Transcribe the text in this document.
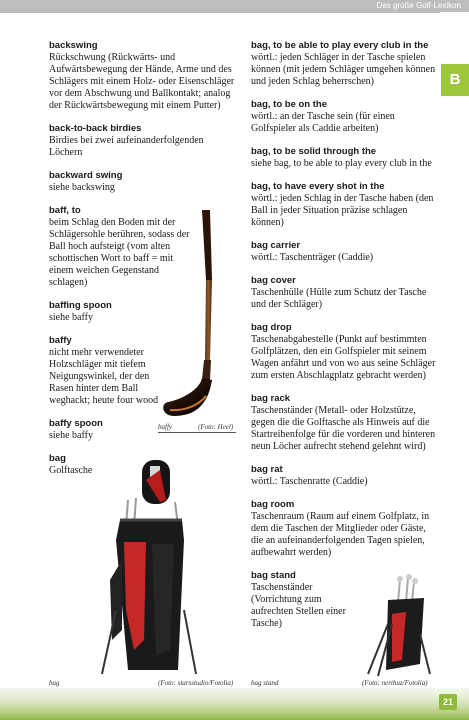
Das große Golf-Lexikon
B
backswing
Rückschwung (Rückwärts- und Aufwärtsbewegung der Hände, Arme und des Schlägers mit einem Holz- oder Eisenschläger vor dem Abschwung und Ballkontakt; analog der Rückwärtsbewegung mit einem Putter)
back-to-back birdies
Birdies bei zwei aufeinanderfolgenden Löchern
backward swing
siehe backswing
baff, to
beim Schlag den Boden mit der Schlägersohle berühren, sodass der Ball hoch aufsteigt (vom alten schottischen Wort to baff = mit einem weichen Gegenstand schlagen)
baffing spoon
siehe baffy
baffy
nicht mehr verwendeter Holzschläger mit tiefem Neigungswinkel, der den Rasen hinter dem Ball weghackt; heute four wood
baffy spoon
siehe baffy
bag
Golftasche
bag, to be able to play every club in the
wörtl.: jeden Schläger in der Tasche spielen können (mit jedem Schläger umgehen können und jeden Schlag beherrschen)
bag, to be on the
wörtl.: an der Tasche sein (für einen Golfspieler als Caddie arbeiten)
bag, to be solid through the
siehe bag, to be able to play every club in the
bag, to have every shot in the
wörtl.: jeden Schlag in der Tasche haben (den Ball in jeder Situation präzise schlagen können)
bag carrier
wörtl.: Taschenträger (Caddie)
bag cover
Taschenhülle (Hülle zum Schutz der Tasche und der Schläger)
bag drop
Taschenabgabestelle (Punkt auf bestimmten Golfplätzen, den ein Golfspieler mit seinem Wagen anfährt und von wo aus seine Schläger zum ersten Abschlagplatz gebracht werden)
bag rack
Taschenständer (Metall- oder Holzstütze, gegen die die Golftasche als Hinweis auf die Startreihenfolge für die vorderen und hinteren neun Löcher aufrecht stehend gelehnt wird)
bag rat
wörtl.: Taschenratte (Caddie)
bag room
Taschenraum (Raum auf einem Golfplatz, in dem die Taschen der Mitglieder oder Gäste, die an aufeinanderfolgenden Tagen spielen, aufbewahrt werden)
bag stand
Taschenständer (Vorrichtung zum aufrechten Stellen einer Tasche)
baffy	(Foto: Heel)
bag	(Foto: starsstudio/Fotolia)	bag stand	(Foto: nerthuz/Fotolia)
21
